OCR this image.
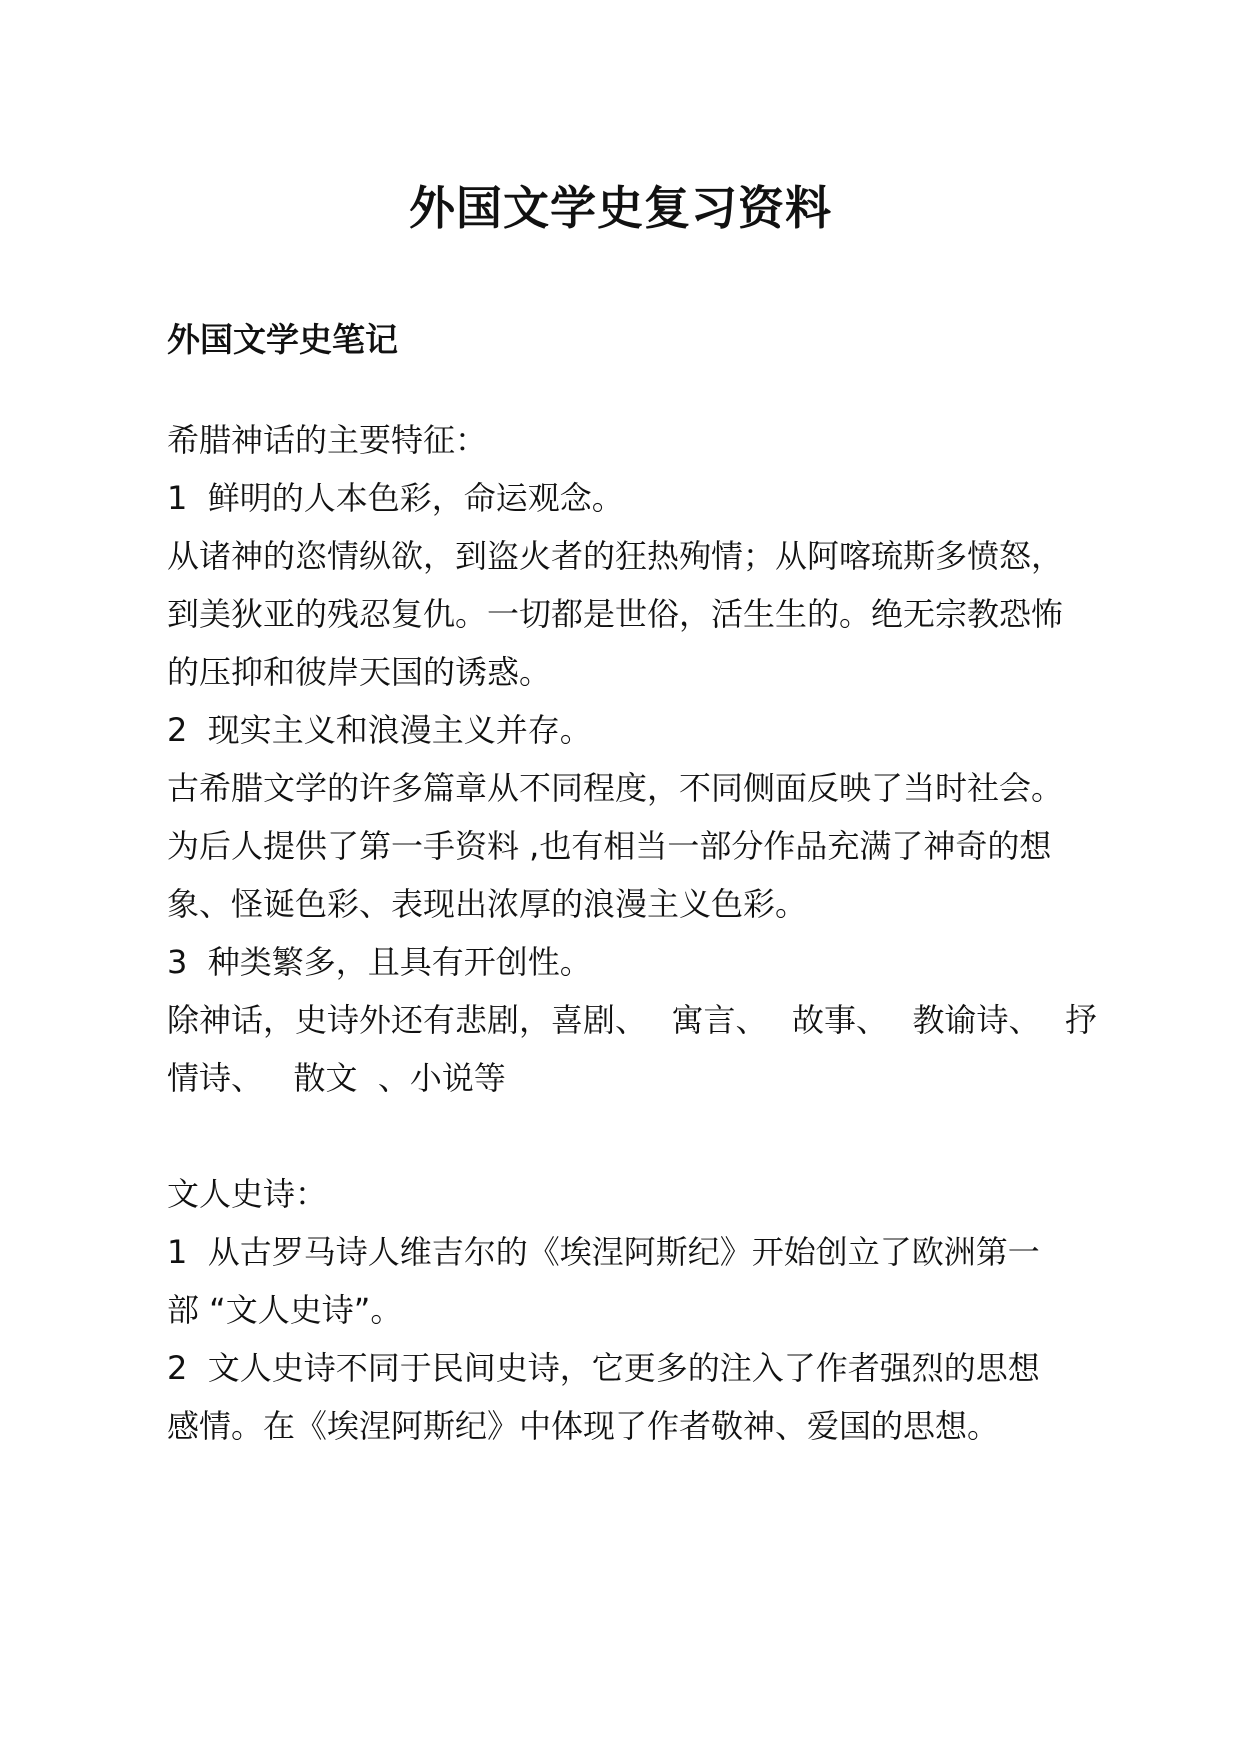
外国文学史复习资料
外国文学史笔记
希腊神话的主要特征：
1  鲜明的人本色彩，命运观念。
从诸神的恣情纵欲，到盗火者的狂热殉情；从阿喀琉斯多愤怒，
到美狄亚的残忍复仇。一切都是世俗，活生生的。绝无宗教恐怖
的压抑和彼岸天国的诱惑。
2  现实主义和浪漫主义并存。
古希腊文学的许多篇章从不同程度，不同侧面反映了当时社会。
为后人提供了第一手资料 ,也有相当一部分作品充满了神奇的想
象、怪诞色彩、表现出浓厚的浪漫主义色彩。
3  种类繁多，且具有开创性。
除神话，史诗外还有悲剧，喜剧、 寓言、 故事、 教谕诗、 抒
情诗、   散文  、小说等
文人史诗：
1  从古罗马诗人维吉尔的《埃涅阿斯纪》开始创立了欧洲第一
部 “文人史诗”。
2  文人史诗不同于民间史诗，它更多的注入了作者强烈的思想
感情。在《埃涅阿斯纪》中体现了作者敬神、爱国的思想。
